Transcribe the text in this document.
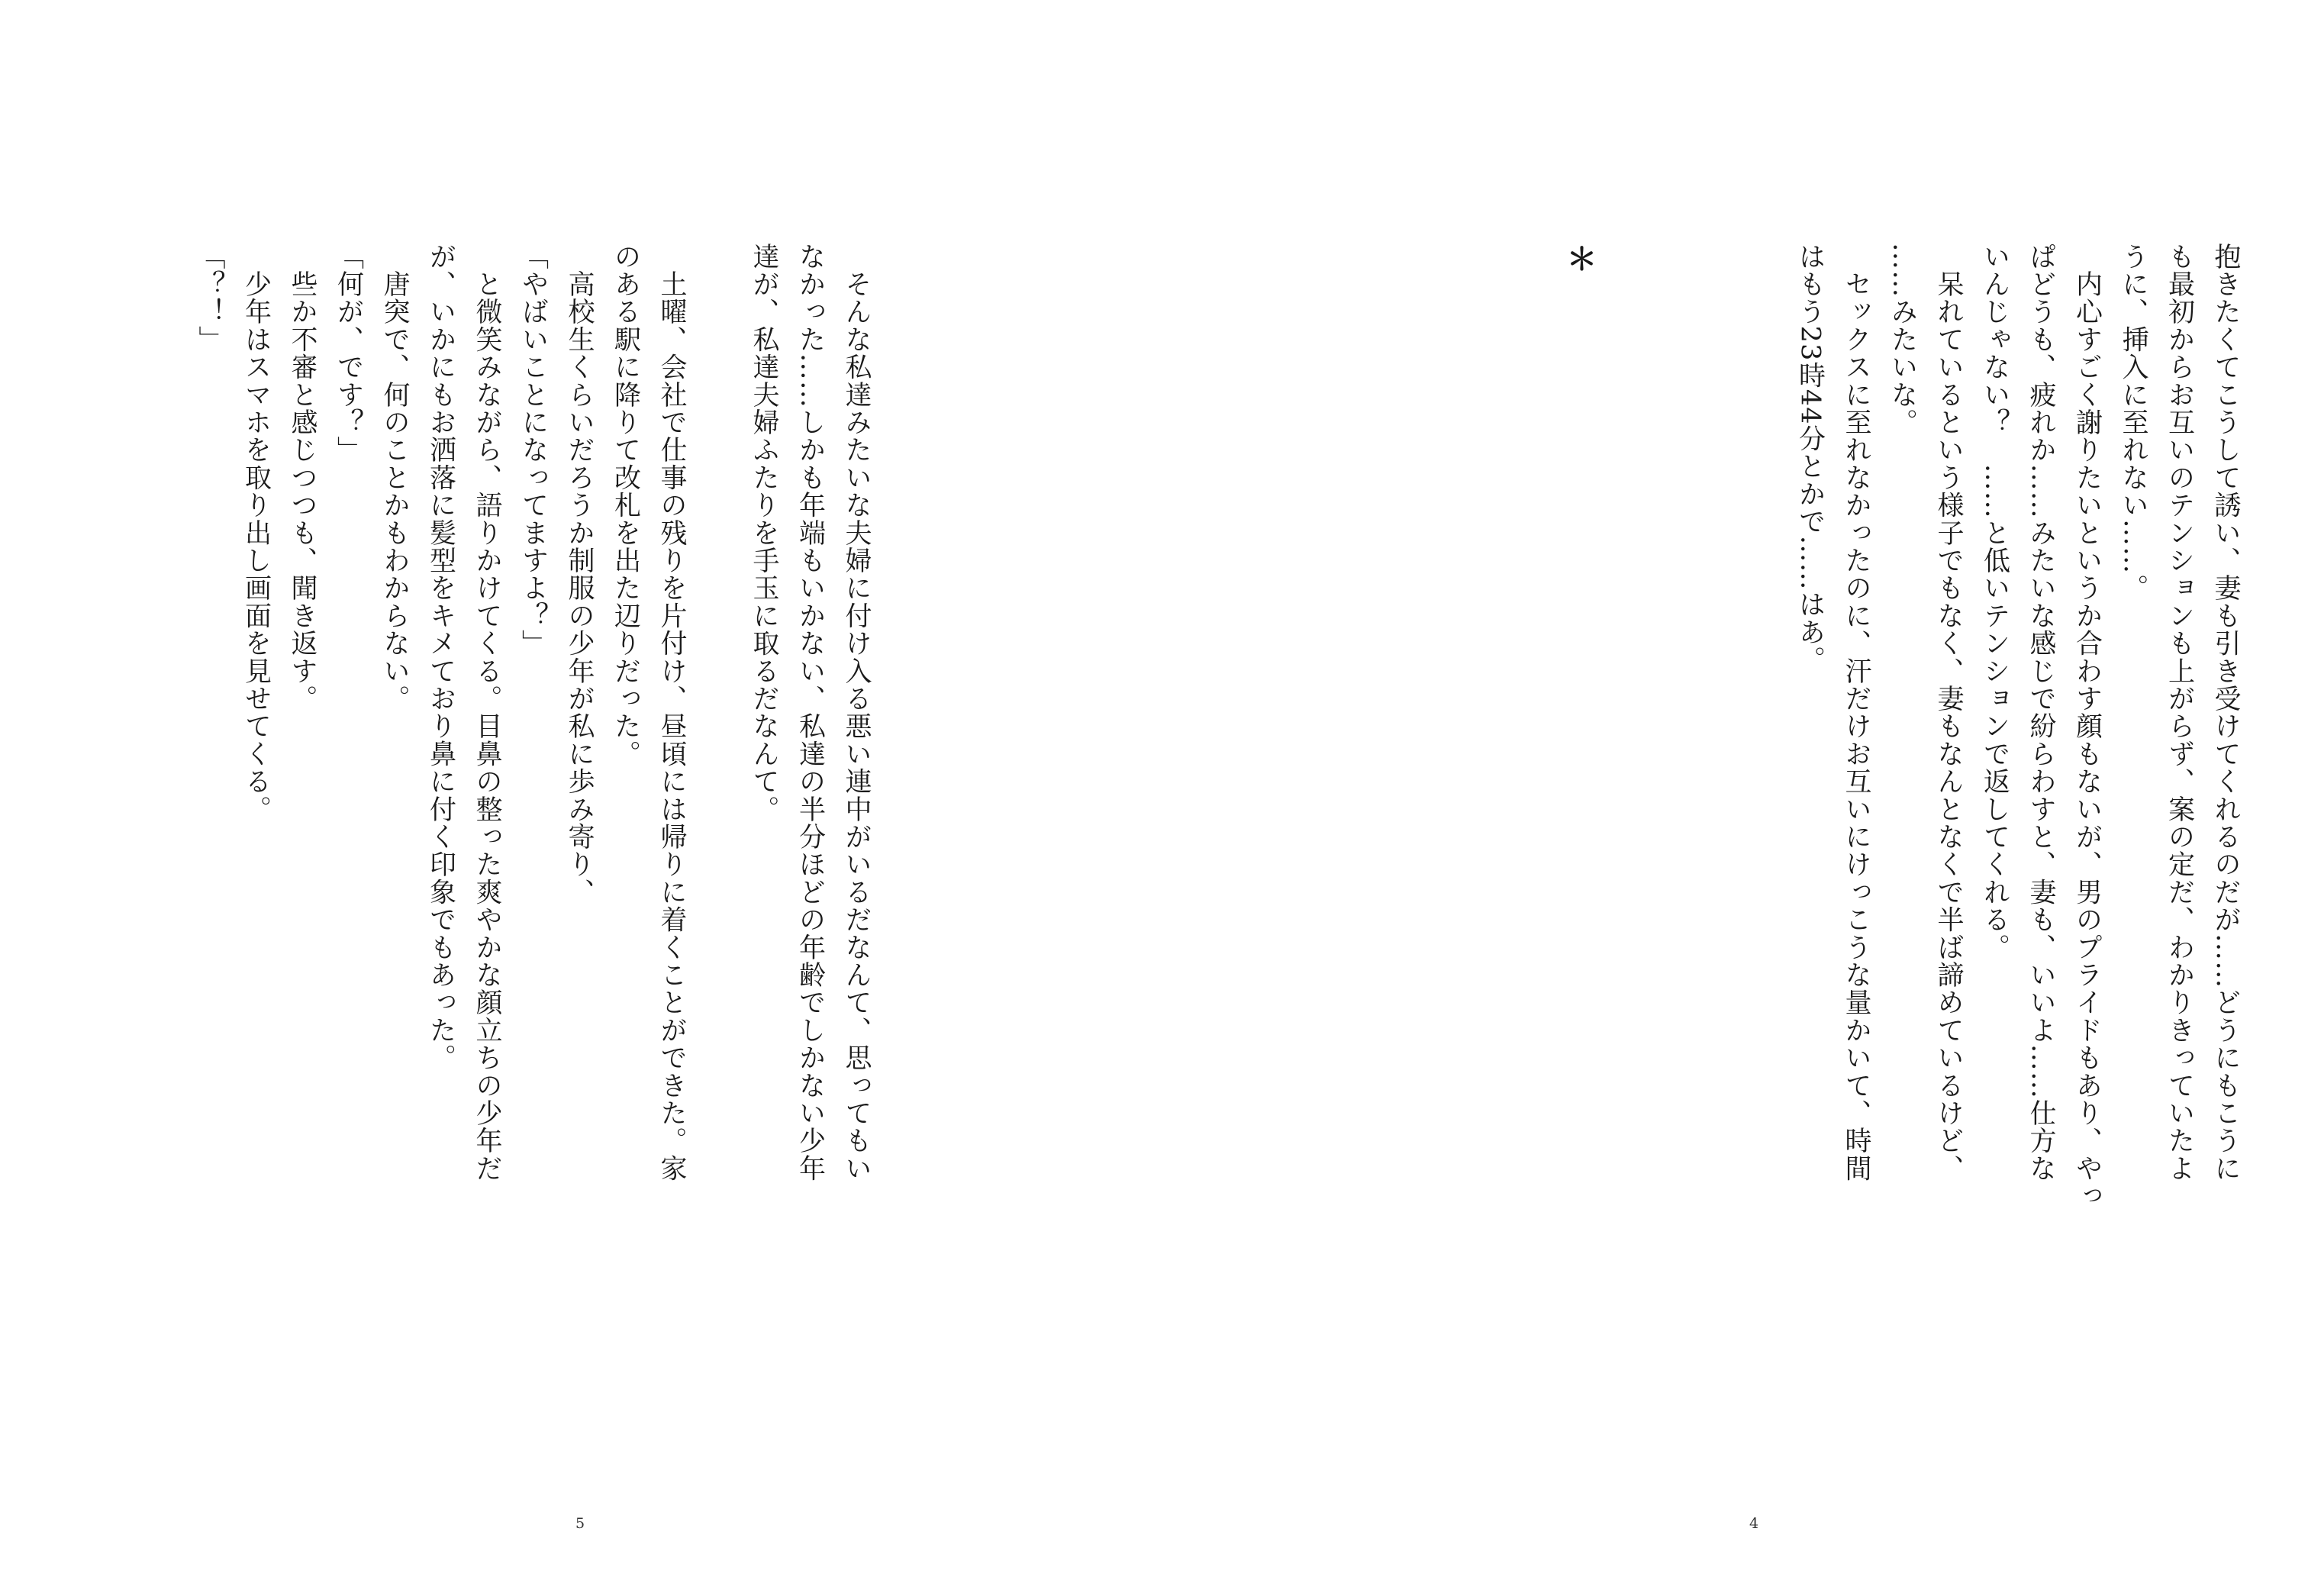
抱きたくてこうして誘い、妻も引き受けてくれるのだが……どうにもこうに
も最初からお互いのテンションも上がらず、案の定だ、わかりきっていたよ
うに、挿入に至れない……。
　内心すごく謝りたいというか合わす顔もないが、男のプライドもあり、やっ
ぱどうも、疲れか……みたいな感じで紛らわすと、妻も、いいよ……仕方な
いんじゃない？　……と低いテンションで返してくれる。
　呆れているという様子でもなく、妻もなんとなくで半ば諦めているけど、
……みたいな。
　セックスに至れなかったのに、汗だけお互いにけっこうな量かいて、時間
はもう23時44分とかで……はあ。
＊
4
　そんな私達みたいな夫婦に付け入る悪い連中がいるだなんて、思ってもい
なかった……しかも年端もいかない、私達の半分ほどの年齢でしかない少年
達が、私達夫婦ふたりを手玉に取るだなんて。
　土曜、会社で仕事の残りを片付け、昼頃には帰りに着くことができた。家
のある駅に降りて改札を出た辺りだった。
　高校生くらいだろうか制服の少年が私に歩み寄り、
「やばいことになってますよ？」
　と微笑みながら、語りかけてくる。目鼻の整った爽やかな顔立ちの少年だ
が、いかにもお洒落に髪型をキメており鼻に付く印象でもあった。
　唐突で、何のことかもわからない。
「何が、です？」
　些か不審と感じつつも、聞き返す。
　少年はスマホを取り出し画面を見せてくる。
「？！」
5
